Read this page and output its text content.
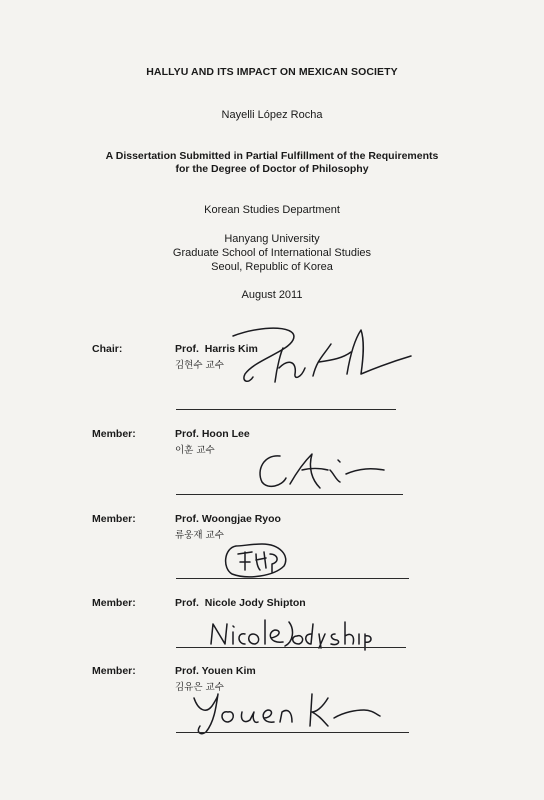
HALLYU AND ITS IMPACT ON MEXICAN SOCIETY

Nayelli López Rocha

A Dissertation Submitted in Partial Fulfillment of the Requirements
for the Degree of Doctor of Philosophy

Korean Studies Department

Hanyang University
Graduate School of International Studies
Seoul, Republic of Korea

August 2011

Chair:	Prof.  Harris Kim
김현수 교수
Member:	Prof. Hoon Lee
이훈 교수
Member:	Prof. Woongjae Ryoo
류웅재 교수
Member:	Prof.  Nicole Jody Shipton
Member:	Prof. Youen Kim
김유은 교수
